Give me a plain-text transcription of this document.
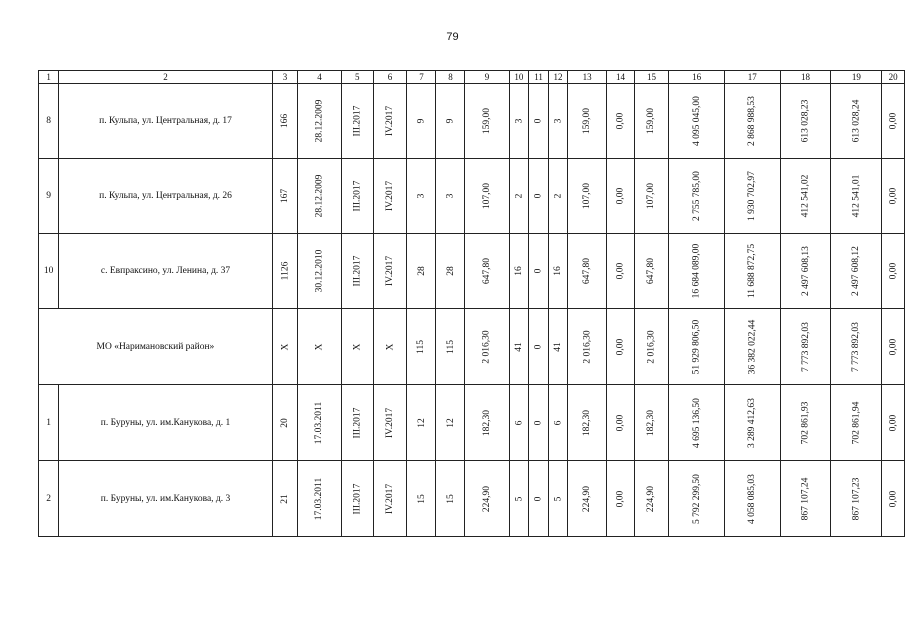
79
1	2	3	4	5	6	7	8	9	10	11	12	13	14	15	16	17	18	19	20
8	п. Кульпа, ул. Центральная, д. 17	166	28.12.2009	III.2017	IV.2017	9	9	159,00	3	0	3	159,00	0,00	159,00	4 095 045,00	2 868 988,53	613 028,23	613 028,24	0,00
9	п. Кульпа, ул. Центральная, д. 26	167	28.12.2009	III.2017	IV.2017	3	3	107,00	2	0	2	107,00	0,00	107,00	2 755 785,00	1 930 702,97	412 541,02	412 541,01	0,00
10	с. Евпраксино, ул. Ленина, д. 37	1126	30.12.2010	III.2017	IV.2017	28	28	647,80	16	0	16	647,80	0,00	647,80	16 684 089,00	11 688 872,75	2 497 608,13	2 497 608,12	0,00
МО «Наримановский район»		X	X	X	X	115	115	2 016,30	41	0	41	2 016,30	0,00	2 016,30	51 929 806,50	36 382 022,44	7 773 892,03	7 773 892,03	0,00
1	п. Буруны, ул. им.Канукова, д. 1	20	17.03.2011	III.2017	IV.2017	12	12	182,30	6	0	6	182,30	0,00	182,30	4 695 136,50	3 289 412,63	702 861,93	702 861,94	0,00
2	п. Буруны, ул. им.Канукова, д. 3	21	17.03.2011	III.2017	IV.2017	15	15	224,90	5	0	5	224,90	0,00	224,90	5 792 299,50	4 058 085,03	867 107,24	867 107,23	0,00
